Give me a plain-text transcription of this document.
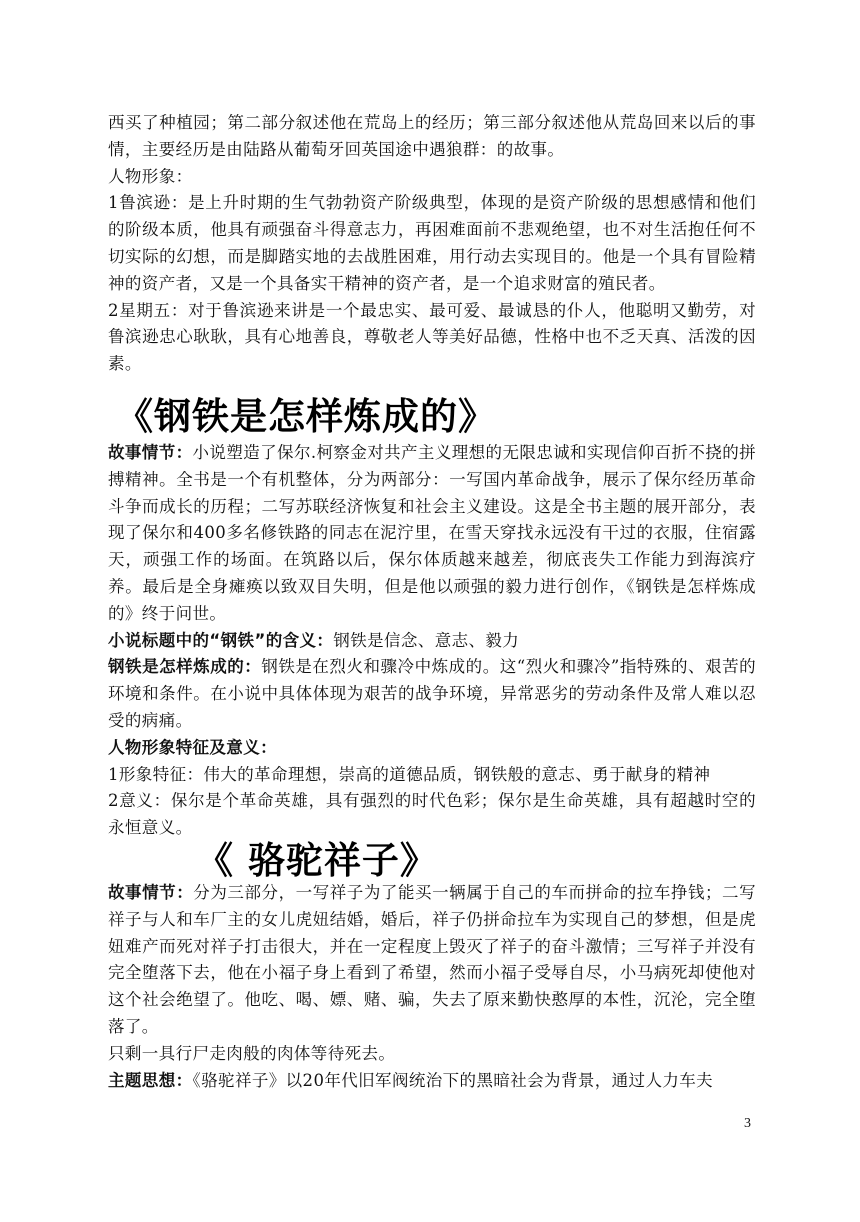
西买了种植园；第二部分叙述他在荒岛上的经历；第三部分叙述他从荒岛回来以后的事情，主要经历是由陆路从葡萄牙回英国途中遇狼群：的故事。

人物形象：

1鲁滨逊：是上升时期的生气勃勃资产阶级典型，体现的是资产阶级的思想感情和他们的阶级本质，他具有顽强奋斗得意志力，再困难面前不悲观绝望，也不对生活抱任何不切实际的幻想，而是脚踏实地的去战胜困难，用行动去实现目的。他是一个具有冒险精神的资产者，又是一个具备实干精神的资产者，是一个追求财富的殖民者。

2星期五：对于鲁滨逊来讲是一个最忠实、最可爱、最诚恳的仆人，他聪明又勤劳，对鲁滨逊忠心耿耿，具有心地善良，尊敬老人等美好品德，性格中也不乏天真、活泼的因素。

《钢铁是怎样炼成的》

故事情节：小说塑造了保尔.柯察金对共产主义理想的无限忠诚和实现信仰百折不挠的拼搏精神。全书是一个有机整体，分为两部分：一写国内革命战争，展示了保尔经历革命斗争而成长的历程；二写苏联经济恢复和社会主义建设。这是全书主题的展开部分，表现了保尔和400多名修铁路的同志在泥泞里，在雪天穿找永远没有干过的衣服，住宿露天，顽强工作的场面。在筑路以后，保尔体质越来越差，彻底丧失工作能力到海滨疗养。最后是全身瘫痪以致双目失明，但是他以顽强的毅力进行创作，《钢铁是怎样炼成的》终于问世。

小说标题中的“钢铁”的含义：钢铁是信念、意志、毅力

钢铁是怎样炼成的：钢铁是在烈火和骤冷中炼成的。这“烈火和骤冷”指特殊的、艰苦的环境和条件。在小说中具体体现为艰苦的战争环境，异常恶劣的劳动条件及常人难以忍受的病痛。

人物形象特征及意义：

1形象特征：伟大的革命理想，崇高的道德品质，钢铁般的意志、勇于献身的精神

2意义：保尔是个革命英雄，具有强烈的时代色彩；保尔是生命英雄，具有超越时空的永恒意义。

《 骆驼祥子》

故事情节：分为三部分，一写祥子为了能买一辆属于自己的车而拼命的拉车挣钱；二写祥子与人和车厂主的女儿虎妞结婚，婚后，祥子仍拼命拉车为实现自己的梦想，但是虎妞难产而死对祥子打击很大，并在一定程度上毁灭了祥子的奋斗激情；三写祥子并没有完全堕落下去，他在小福子身上看到了希望，然而小福子受辱自尽，小马病死却使他对这个社会绝望了。他吃、喝、嫖、赌、骗，失去了原来勤快憨厚的本性，沉沦，完全堕落了。

只剩一具行尸走肉般的肉体等待死去。

主题思想：《骆驼祥子》以20年代旧军阀统治下的黑暗社会为背景，通过人力车夫

3
